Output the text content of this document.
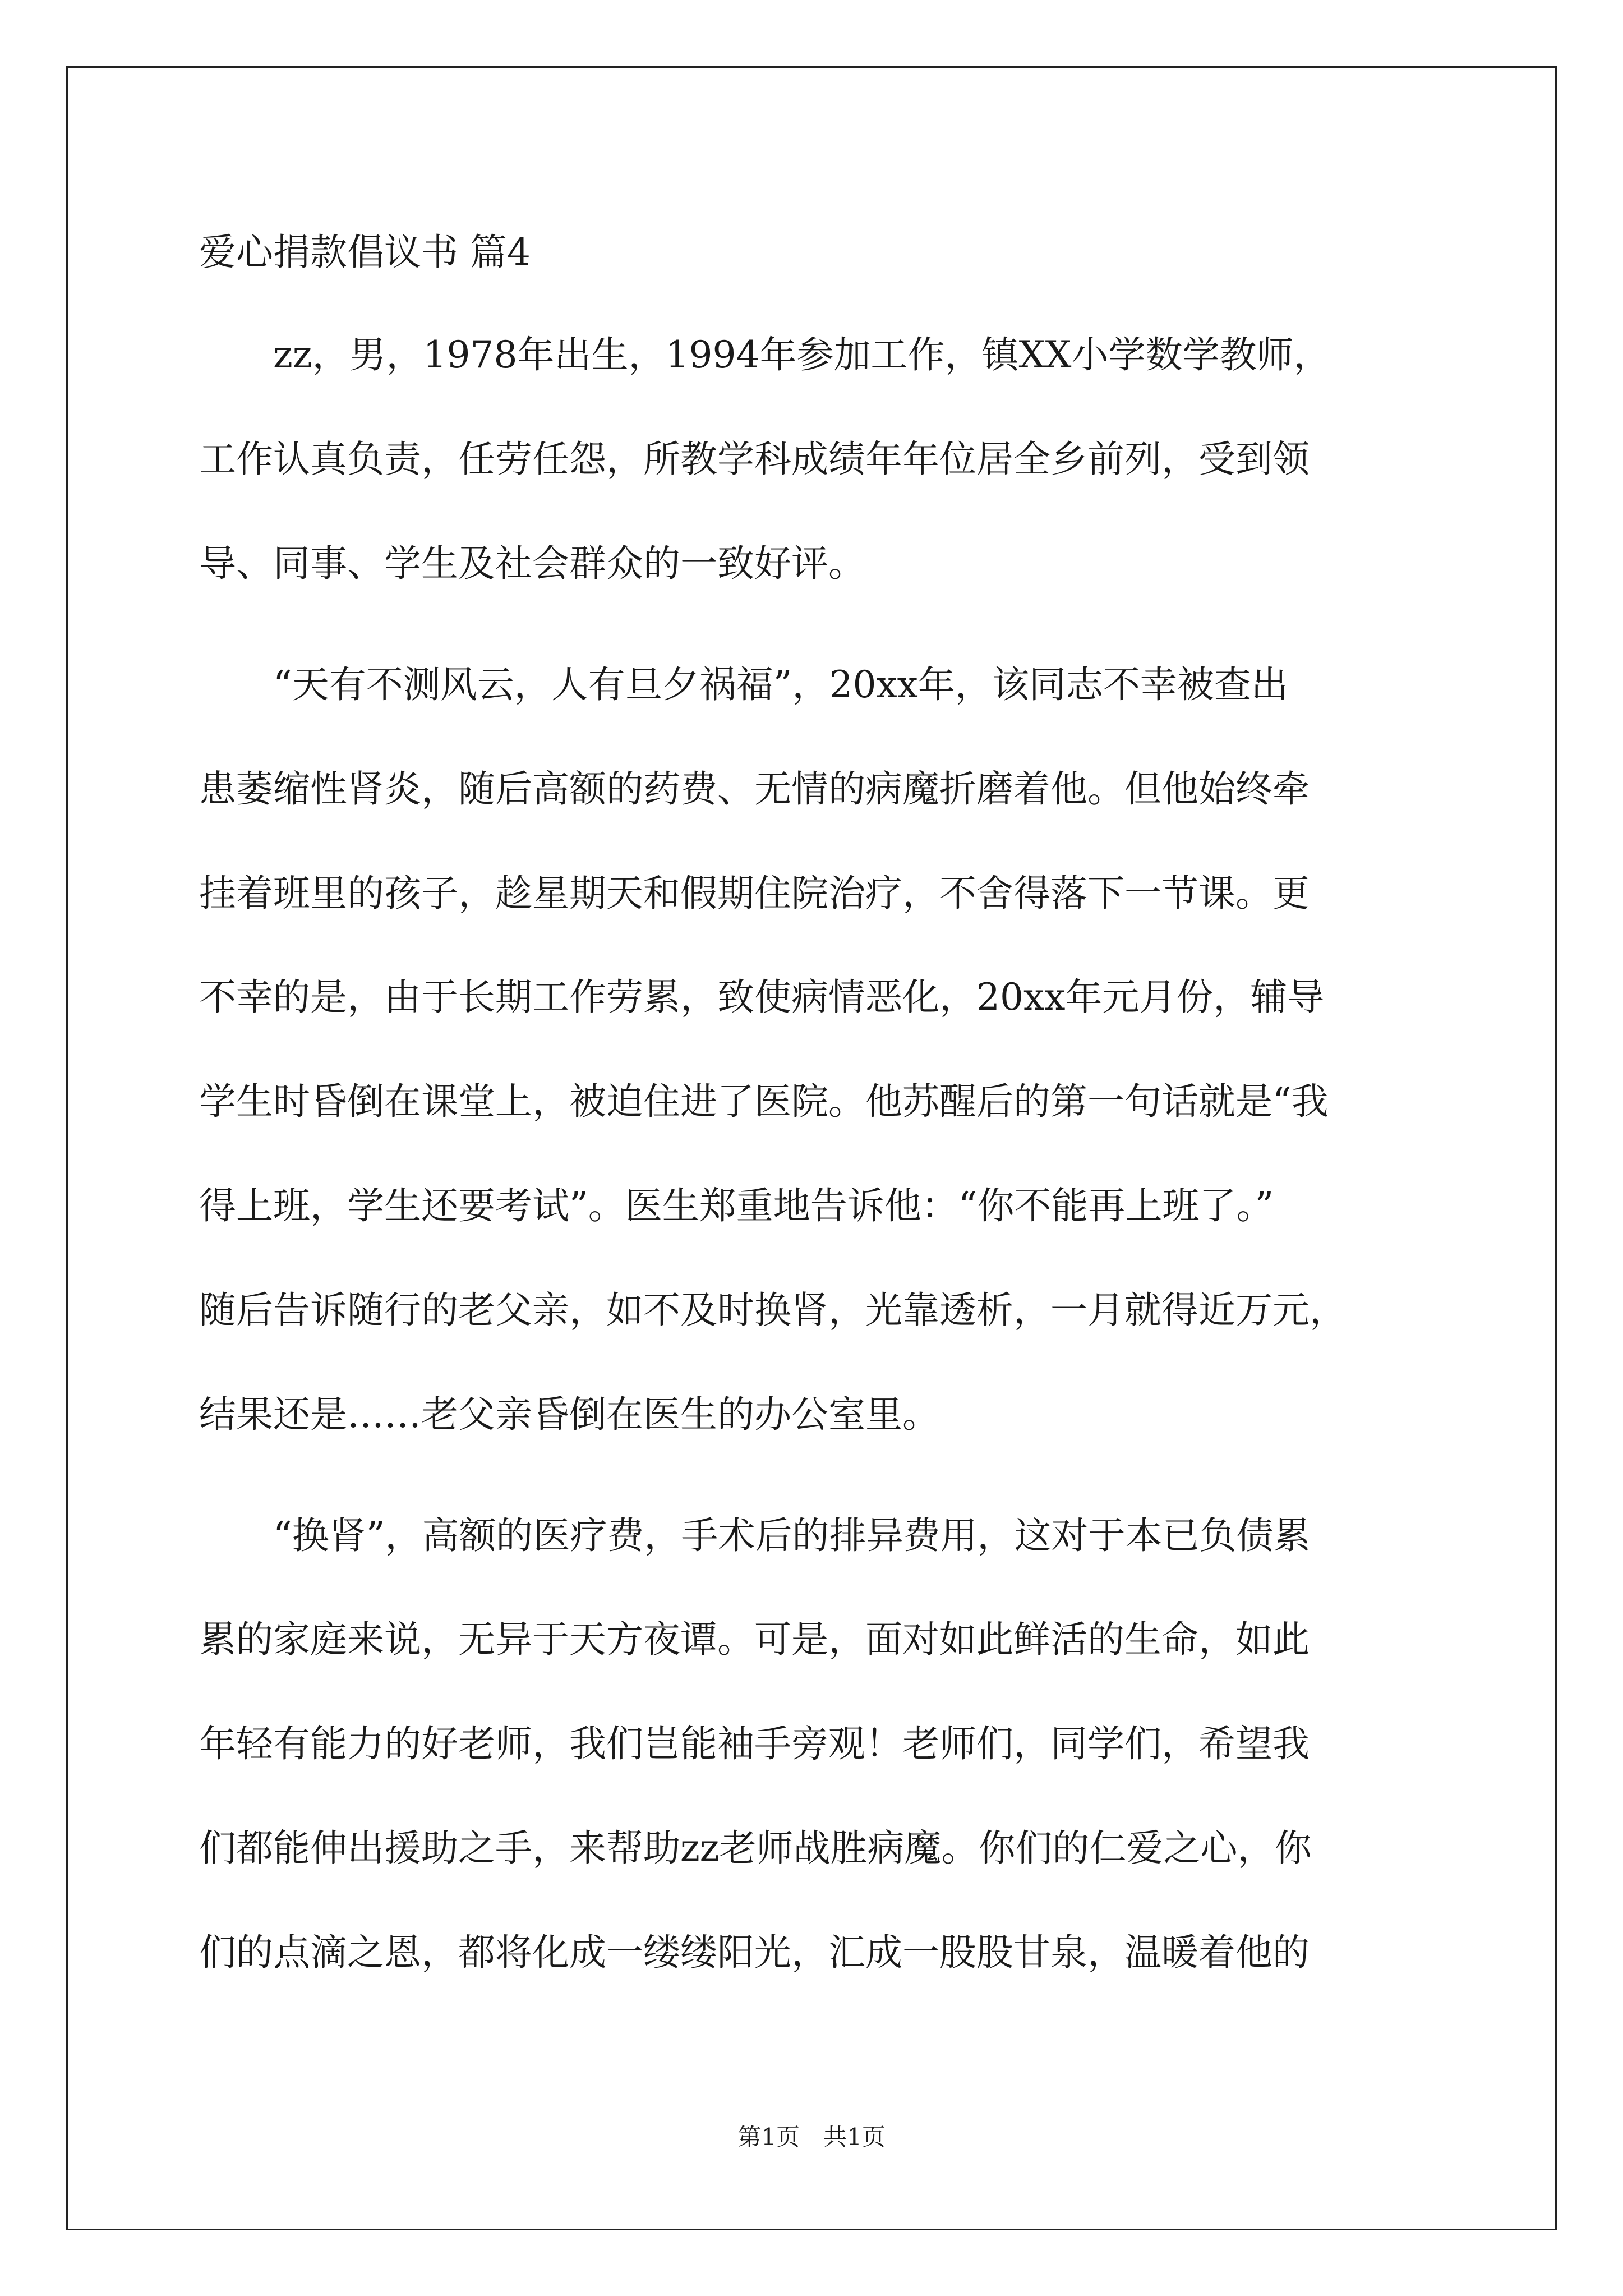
爱心捐款倡议书 篇4

　　zz，男，1978年出生，1994年参加工作，镇XX小学数学教师，

工作认真负责，任劳任怨，所教学科成绩年年位居全乡前列，受到领

导、同事、学生及社会群众的一致好评。

　　“天有不测风云，人有旦夕祸福”，20xx年，该同志不幸被查出

患萎缩性肾炎，随后高额的药费、无情的病魔折磨着他。但他始终牵

挂着班里的孩子，趁星期天和假期住院治疗，不舍得落下一节课。更

不幸的是，由于长期工作劳累，致使病情恶化，20xx年元月份，辅导

学生时昏倒在课堂上，被迫住进了医院。他苏醒后的第一句话就是“我

得上班，学生还要考试”。医生郑重地告诉他：“你不能再上班了。”

随后告诉随行的老父亲，如不及时换肾，光靠透析，一月就得近万元，

结果还是……老父亲昏倒在医生的办公室里。

　　“换肾”，高额的医疗费，手术后的排异费用，这对于本已负债累

累的家庭来说，无异于天方夜谭。可是，面对如此鲜活的生命，如此

年轻有能力的好老师，我们岂能袖手旁观！老师们，同学们，希望我

们都能伸出援助之手，来帮助zz老师战胜病魔。你们的仁爱之心，你

们的点滴之恩，都将化成一缕缕阳光，汇成一股股甘泉，温暖着他的

第1页　共1页
